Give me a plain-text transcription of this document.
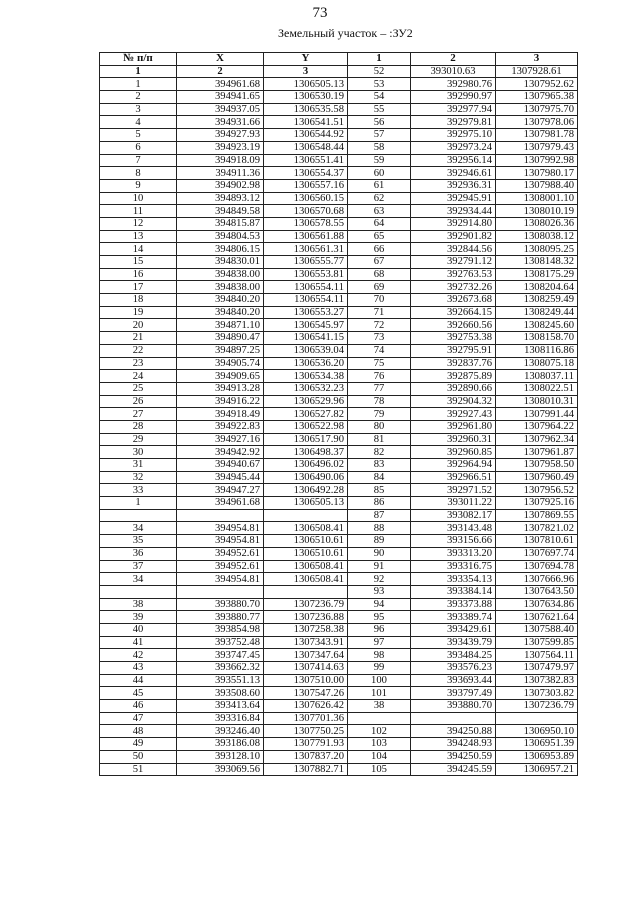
73
Земельный участок – :ЗУ2
№ п/п	X	Y	1	2	3
1	2	3	52	393010.63	1307928.61
1	394961.68	1306505.13	53	392980.76	1307952.62
2	394941.65	1306530.19	54	392990.97	1307965.38
3	394937.05	1306535.58	55	392977.94	1307975.70
4	394931.66	1306541.51	56	392979.81	1307978.06
5	394927.93	1306544.92	57	392975.10	1307981.78
6	394923.19	1306548.44	58	392973.24	1307979.43
7	394918.09	1306551.41	59	392956.14	1307992.98
8	394911.36	1306554.37	60	392946.61	1307980.17
9	394902.98	1306557.16	61	392936.31	1307988.40
10	394893.12	1306560.15	62	392945.91	1308001.10
11	394849.58	1306570.68	63	392934.44	1308010.19
12	394815.87	1306578.55	64	392914.80	1308026.36
13	394804.53	1306561.88	65	392901.82	1308038.12
14	394806.15	1306561.31	66	392844.56	1308095.25
15	394830.01	1306555.77	67	392791.12	1308148.32
16	394838.00	1306553.81	68	392763.53	1308175.29
17	394838.00	1306554.11	69	392732.26	1308204.64
18	394840.20	1306554.11	70	392673.68	1308259.49
19	394840.20	1306553.27	71	392664.15	1308249.44
20	394871.10	1306545.97	72	392660.56	1308245.60
21	394890.47	1306541.15	73	392753.38	1308158.70
22	394897.25	1306539.04	74	392795.91	1308116.86
23	394905.74	1306536.20	75	392837.76	1308075.18
24	394909.65	1306534.38	76	392875.89	1308037.11
25	394913.28	1306532.23	77	392890.66	1308022.51
26	394916.22	1306529.96	78	392904.32	1308010.31
27	394918.49	1306527.82	79	392927.43	1307991.44
28	394922.83	1306522.98	80	392961.80	1307964.22
29	394927.16	1306517.90	81	392960.31	1307962.34
30	394942.92	1306498.37	82	392960.85	1307961.87
31	394940.67	1306496.02	83	392964.94	1307958.50
32	394945.44	1306490.06	84	392966.51	1307960.49
33	394947.27	1306492.28	85	392971.52	1307956.52
1	394961.68	1306505.13	86	393011.22	1307925.16
			87	393082.17	1307869.55
34	394954.81	1306508.41	88	393143.48	1307821.02
35	394954.81	1306510.61	89	393156.66	1307810.61
36	394952.61	1306510.61	90	393313.20	1307697.74
37	394952.61	1306508.41	91	393316.75	1307694.78
34	394954.81	1306508.41	92	393354.13	1307666.96
			93	393384.14	1307643.50
38	393880.70	1307236.79	94	393373.88	1307634.86
39	393880.77	1307236.88	95	393389.74	1307621.64
40	393854.98	1307258.38	96	393429.61	1307588.40
41	393752.48	1307343.91	97	393439.79	1307599.85
42	393747.45	1307347.64	98	393484.25	1307564.11
43	393662.32	1307414.63	99	393576.23	1307479.97
44	393551.13	1307510.00	100	393693.44	1307382.83
45	393508.60	1307547.26	101	393797.49	1307303.82
46	393413.64	1307626.42	38	393880.70	1307236.79
47	393316.84	1307701.36			
48	393246.40	1307750.25	102	394250.88	1306950.10
49	393186.08	1307791.93	103	394248.93	1306951.39
50	393128.10	1307837.20	104	394250.59	1306953.89
51	393069.56	1307882.71	105	394245.59	1306957.21
